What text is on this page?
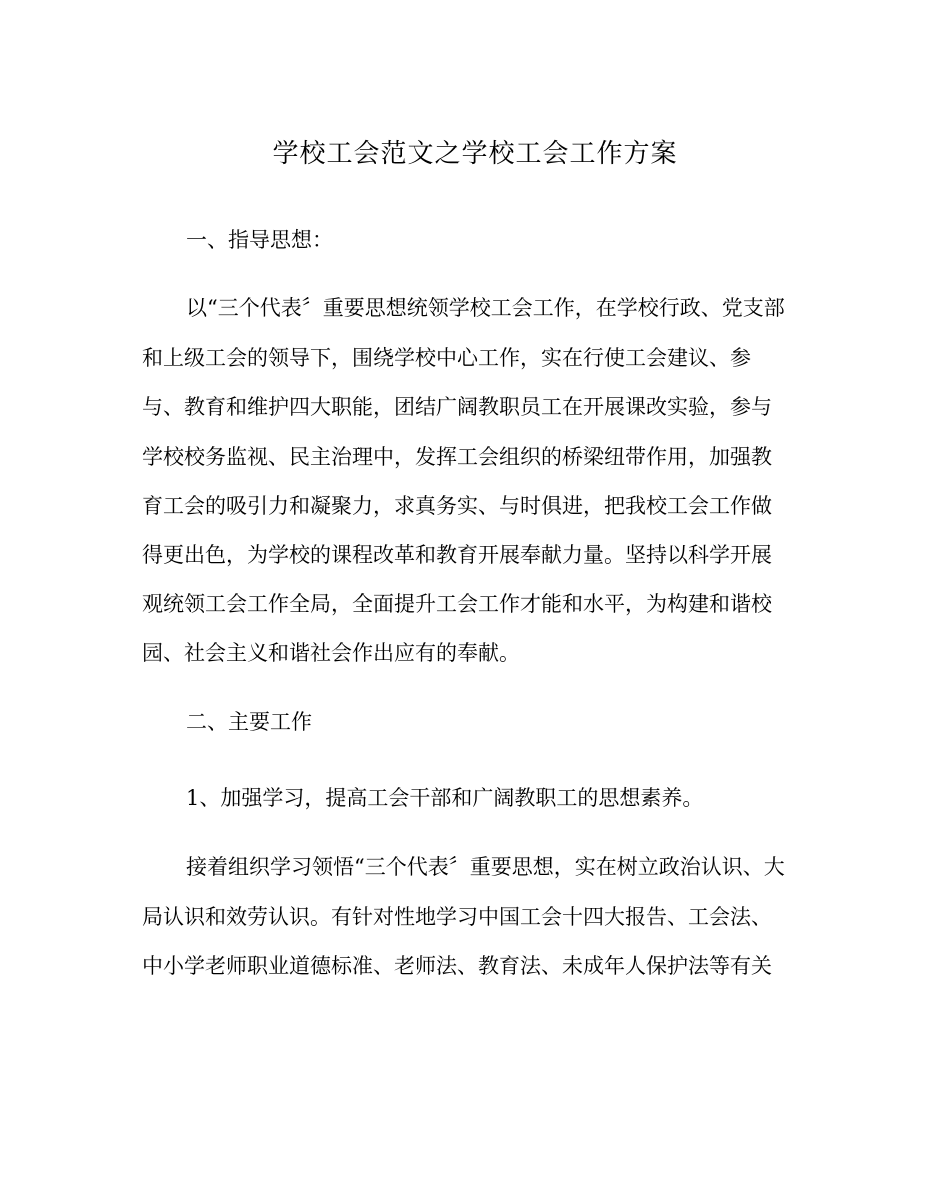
学校工会范文之学校工会工作方案

一、指导思想：

以“三个代表〞重要思想统领学校工会工作，在学校行政、党支部

和上级工会的领导下，围绕学校中心工作，实在行使工会建议、参

与、教育和维护四大职能，团结广阔教职员工在开展课改实验，参与

学校校务监视、民主治理中，发挥工会组织的桥梁纽带作用，加强教

育工会的吸引力和凝聚力，求真务实、与时俱进，把我校工会工作做

得更出色，为学校的课程改革和教育开展奉献力量。坚持以科学开展

观统领工会工作全局，全面提升工会工作才能和水平，为构建和谐校

园、社会主义和谐社会作出应有的奉献。

二、主要工作

1、加强学习，提高工会干部和广阔教职工的思想素养。

接着组织学习领悟“三个代表〞重要思想，实在树立政治认识、大

局认识和效劳认识。有针对性地学习中国工会十四大报告、工会法、

中小学老师职业道德标准、老师法、教育法、未成年人保护法等有关
